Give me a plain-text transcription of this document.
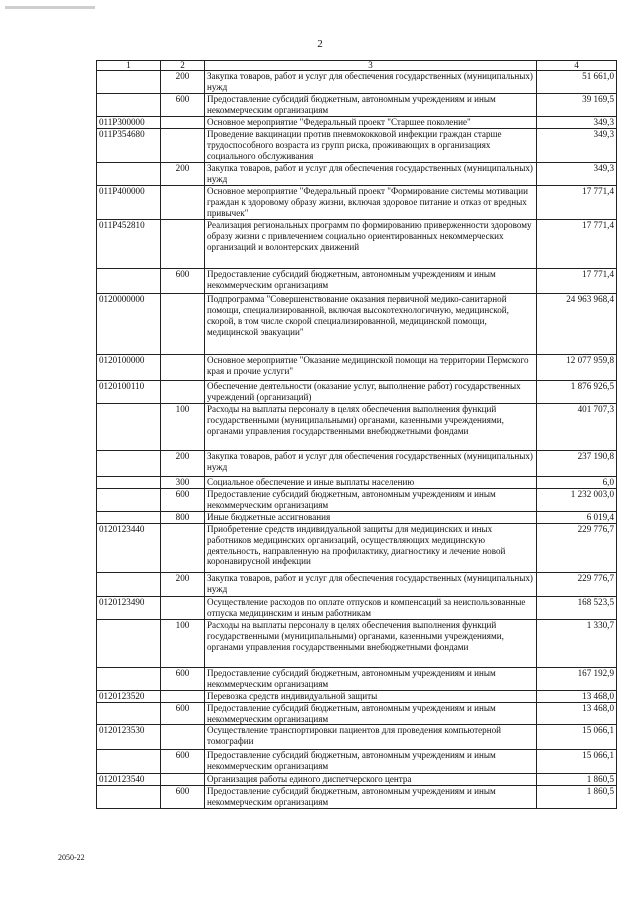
2
1	2	3	4
	200	Закупка товаров, работ и услуг для обеспечения государственных (муниципальных) нужд	51 661,0
	600	Предоставление субсидий бюджетным, автономным учреждениям и иным некоммерческим организациям	39 169,5
011P300000		Основное мероприятие "Федеральный проект "Старшее поколение"	349,3
011P354680		Проведение вакцинации против пневмококковой инфекции граждан старше трудоспособного возраста из групп риска, проживающих в организациях социального обслуживания	349,3
	200	Закупка товаров, работ и услуг для обеспечения государственных (муниципальных) нужд	349,3
011P400000		Основное мероприятие "Федеральный проект "Формирование системы мотивации граждан к здоровому образу жизни, включая здоровое питание и отказ от вредных привычек"	17 771,4
011P452810		Реализация региональных программ по формированию приверженности здоровому образу жизни с привлечением социально ориентированных некоммерческих организаций и волонтерских движений	17 771,4
	600	Предоставление субсидий бюджетным, автономным учреждениям и иным некоммерческим организациям	17 771,4
0120000000		Подпрограмма "Совершенствование оказания первичной медико-санитарной помощи, специализированной, включая высокотехнологичную, медицинской, скорой, в том числе скорой специализированной, медицинской помощи, медицинской эвакуации"	24 963 968,4
0120100000		Основное мероприятие "Оказание медицинской помощи на территории Пермского края и прочие услуги"	12 077 959,8
0120100110		Обеспечение деятельности (оказание услуг, выполнение работ) государственных учреждений (организаций)	1 876 926,5
	100	Расходы на выплаты персоналу в целях обеспечения выполнения функций государственными (муниципальными) органами, казенными учреждениями, органами управления государственными внебюджетными фондами	401 707,3
	200	Закупка товаров, работ и услуг для обеспечения государственных (муниципальных) нужд	237 190,8
	300	Социальное обеспечение и иные выплаты населению	6,0
	600	Предоставление субсидий бюджетным, автономным учреждениям и иным некоммерческим организациям	1 232 003,0
	800	Иные бюджетные ассигнования	6 019,4
0120123440		Приобретение средств индивидуальной защиты для медицинских и иных работников медицинских организаций, осуществляющих медицинскую деятельность, направленную на профилактику, диагностику и лечение новой коронавирусной инфекции	229 776,7
	200	Закупка товаров, работ и услуг для обеспечения государственных (муниципальных) нужд	229 776,7
0120123490		Осуществление расходов по оплате отпусков и компенсаций за неиспользованные отпуска медицинским и иным работникам	168 523,5
	100	Расходы на выплаты персоналу в целях обеспечения выполнения функций государственными (муниципальными) органами, казенными учреждениями, органами управления государственными внебюджетными фондами	1 330,7
	600	Предоставление субсидий бюджетным, автономным учреждениям и иным некоммерческим организациям	167 192,9
0120123520		Перевозка средств индивидуальной защиты	13 468,0
	600	Предоставление субсидий бюджетным, автономным учреждениям и иным некоммерческим организациям	13 468,0
0120123530		Осуществление транспортировки пациентов для проведения компьютерной томографии	15 066,1
	600	Предоставление субсидий бюджетным, автономным учреждениям и иным некоммерческим организациям	15 066,1
0120123540		Организация работы единого диспетчерского центра	1 860,5
	600	Предоставление субсидий бюджетным, автономным учреждениям и иным некоммерческим организациям	1 860,5
2050-22
